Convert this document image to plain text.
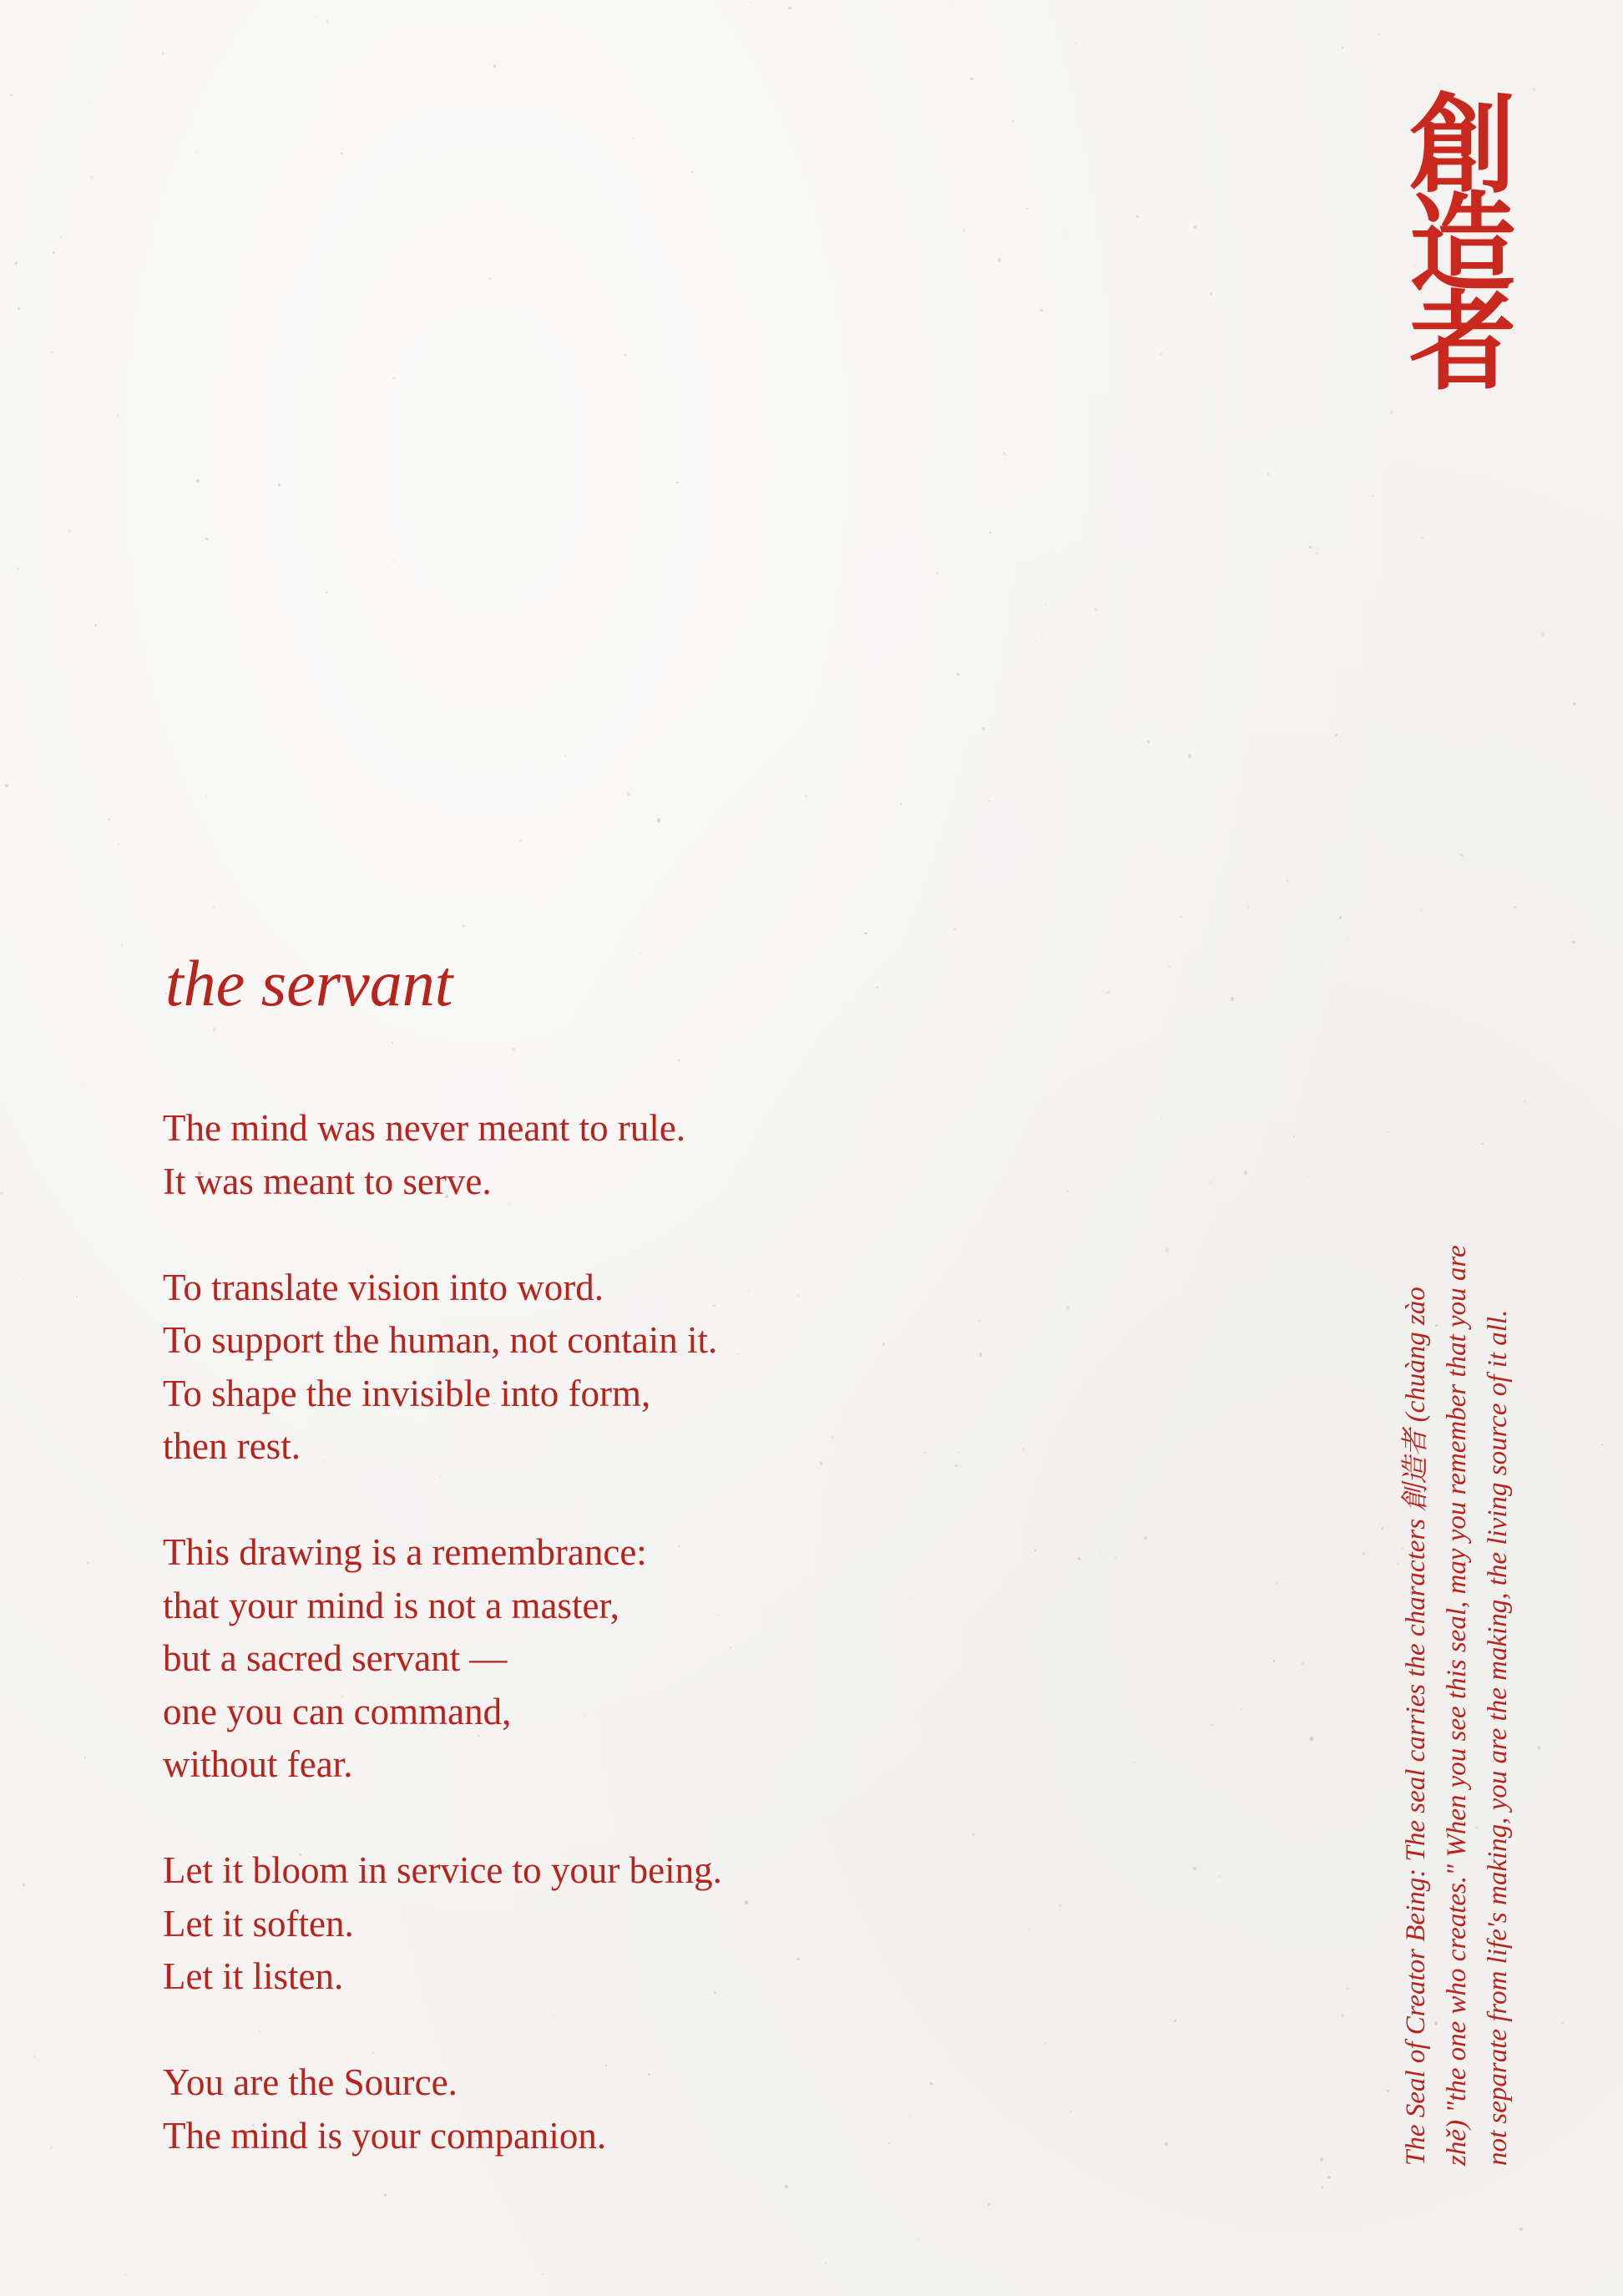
創
造
者
the servant

The mind was never meant to rule.
It was meant to serve.

To translate vision into word.
To support the human, not contain it.
To shape the invisible into form,
then rest.

This drawing is a remembrance:
that your mind is not a master,
but a sacred servant —
one you can command,
without fear.

Let it bloom in service to your being.
Let it soften.
Let it listen.

You are the Source.
The mind is your companion.	The Seal of Creator Being: The seal carries the characters 創造者 (chuàng zào zhě) "the one who creates." When you see this seal, may you remember that you are not separate from life's making, you are the making, the living source of it all.
